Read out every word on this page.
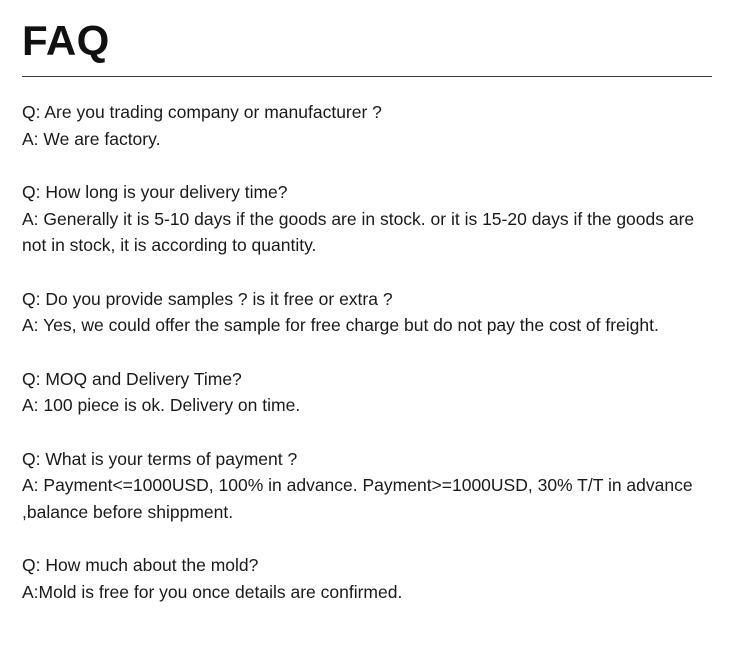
FAQ

Q: Are you trading company or manufacturer ?

A: We are factory.

Q: How long is your delivery time?

A: Generally it is 5-10 days if the goods are in stock. or it is 15-20 days if the goods are not in stock, it is according to quantity.

Q: Do you provide samples ? is it free or extra ?

A: Yes, we could offer the sample for free charge but do not pay the cost of freight.

Q: MOQ and Delivery Time?

A: 100 piece is ok. Delivery on time.

Q: What is your terms of payment ?

A: Payment<=1000USD, 100% in advance. Payment>=1000USD, 30% T/T in advance ,balance before shippment.

Q: How much about the mold?

A:Mold is free for you once details are confirmed.
